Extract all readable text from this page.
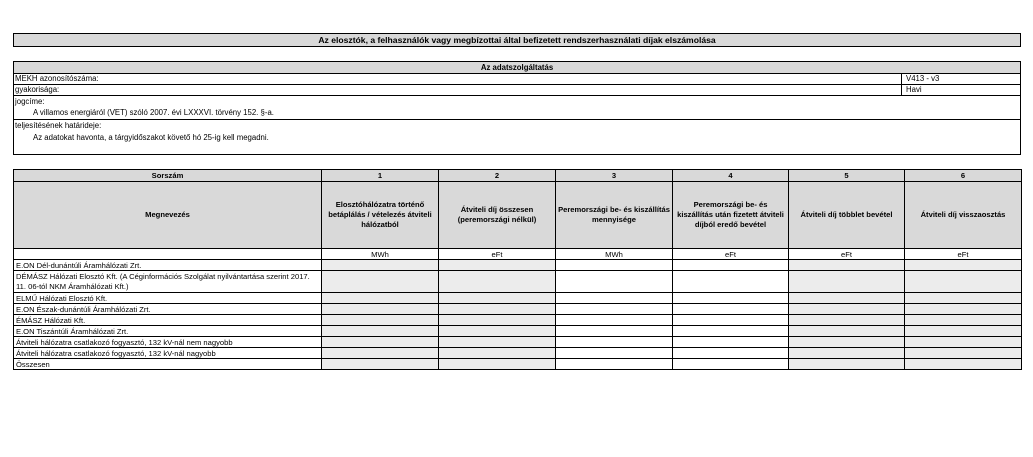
Az elosztók, a felhasználók vagy megbízottai által befizetett rendszerhasználati díjak elszámolása
Az adatszolgáltatás
MEKH azonosítószáma:	V413 - v3
gyakorisága:	Havi
jogcíme:
A villamos energiáról (VET) szóló 2007. évi LXXXVI. törvény 152. §-a.
teljesítésének határideje:
Az adatokat havonta, a tárgyidőszakot követő hó 25-ig kell megadni.
Sorszám	1	2	3	4	5	6
Megnevezés	Elosztóhálózatra történő betáplálás / vételezés átviteli hálózatból	Átviteli díj összesen (peremországi nélkül)	Peremországi be- és kiszállítás mennyisége	Peremországi be- és kiszállítás után fizetett átviteli díjból eredő bevétel	Átviteli díj többlet bevétel	Átviteli díj visszaosztás
	MWh	eFt	MWh	eFt	eFt	eFt
E.ON Dél-dunántúli Áramhálózati Zrt.						
DÉMÁSZ Hálózati Elosztó Kft. (A Céginformációs Szolgálat nyilvántartása szerint 2017. 11. 06-tól NKM Áramhálózati Kft.)						
ELMŰ Hálózati Elosztó Kft.						
E.ON Észak-dunántúli Áramhálózati Zrt.						
ÉMÁSZ Hálózati Kft.						
E.ON Tiszántúli Áramhálózati Zrt.						
Átviteli hálózatra csatlakozó fogyasztó, 132 kV-nál nem nagyobb						
Átviteli hálózatra csatlakozó fogyasztó, 132 kV-nál nagyobb						
Összesen						
